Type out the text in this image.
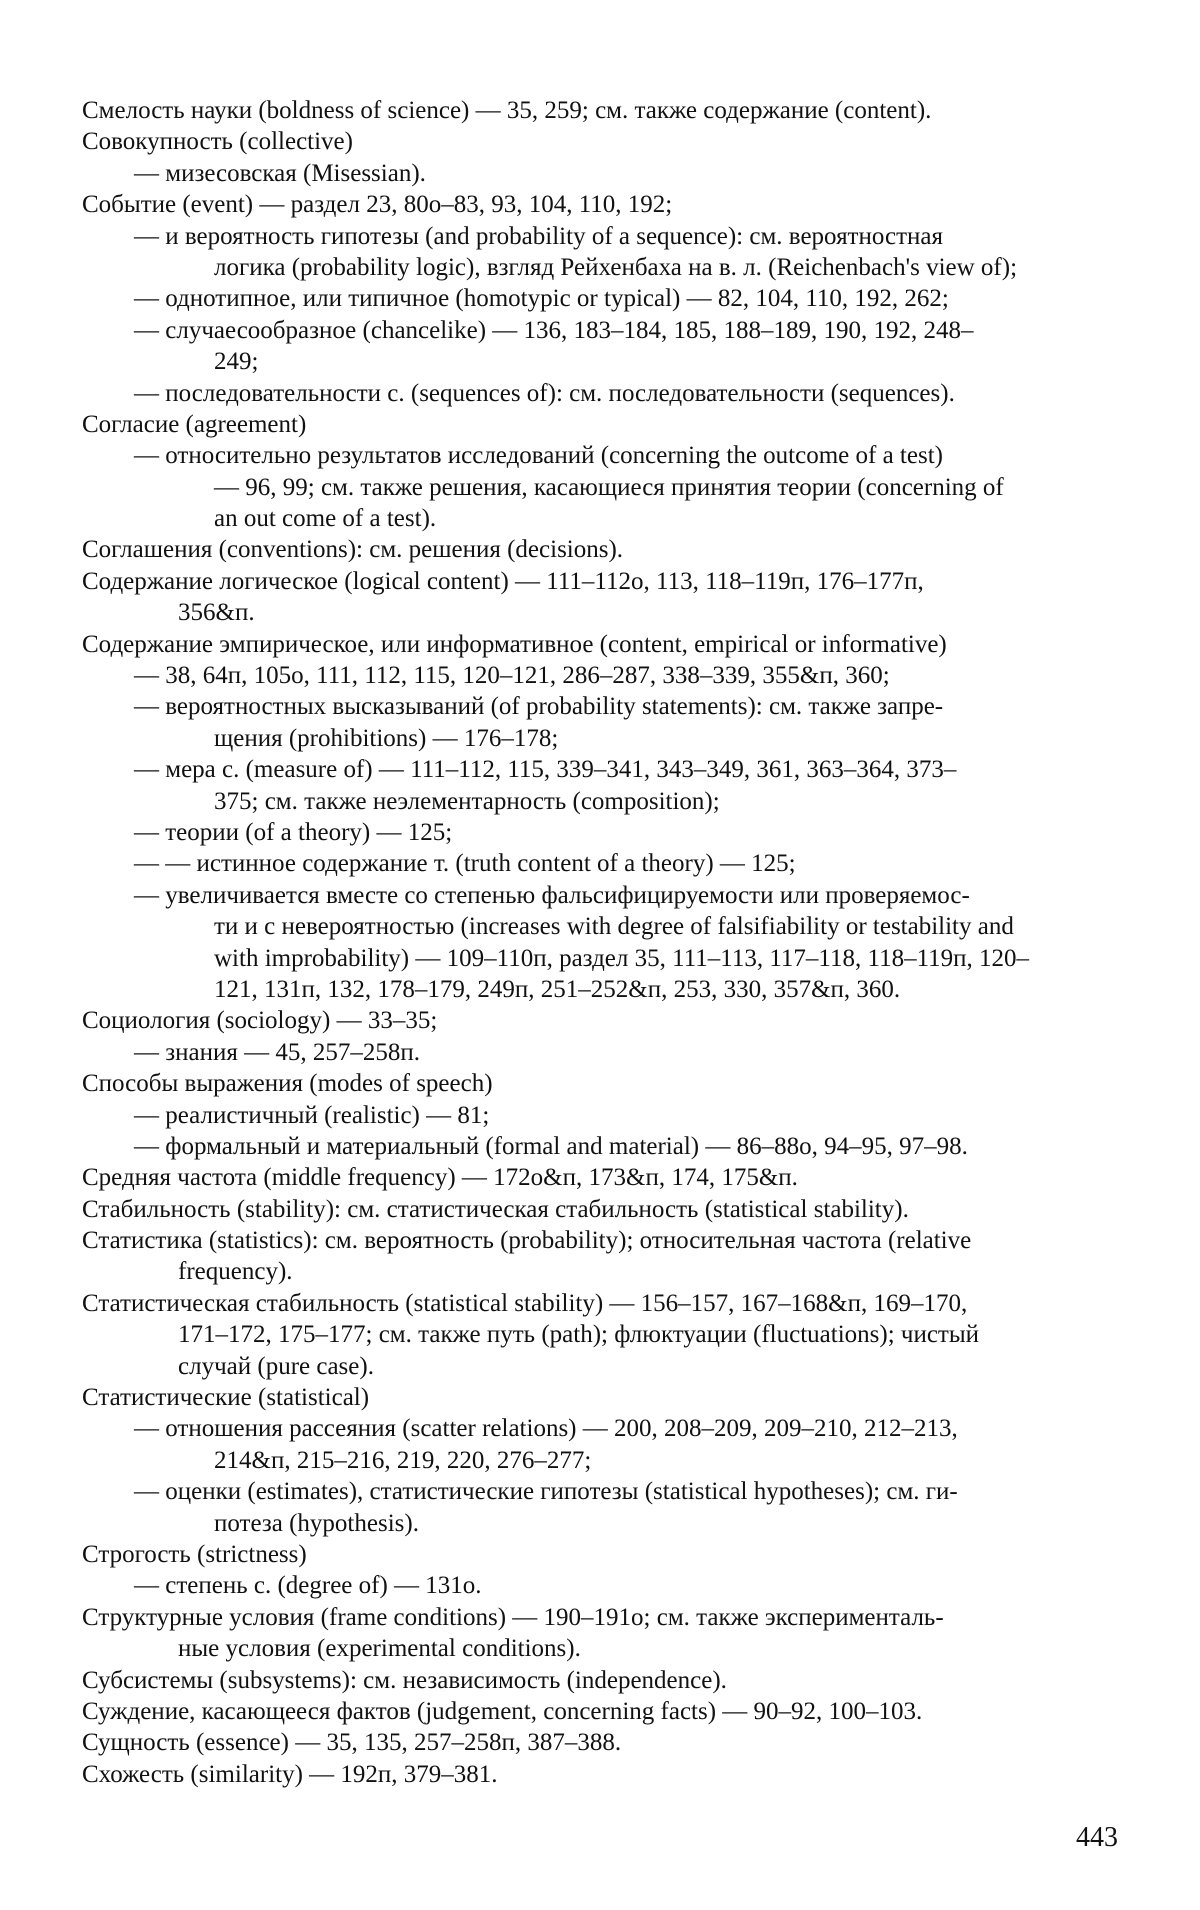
Смелость науки (boldness of science) — 35, 259; см. также содержание (content).
Совокупность (collective)
— мизесовская (Misessian).
Событие (event) — раздел 23, 80о–83, 93, 104, 110, 192;
— и вероятность гипотезы (and probability of a sequence): см. вероятностная
логика (probability logic), взгляд Рейхенбаха на в. л. (Reichenbach's view of);
— однотипное, или типичное (homotypic or typical) — 82, 104, 110, 192, 262;
— случаесообразное (chancelike) — 136, 183–184, 185, 188–189, 190, 192, 248–
249;
— последовательности с. (sequences of): см. последовательности (sequences).
Согласие (agreement)
— относительно результатов исследований (concerning the outcome of a test)
— 96, 99; см. также решения, касающиеся принятия теории (concerning of
an out come of a test).
Соглашения (conventions): см. решения (decisions).
Содержание логическое (logical content) — 111–112о, 113, 118–119п, 176–177п,
356&п.
Содержание эмпирическое, или информативное (content, empirical or informative)
— 38, 64п, 105о, 111, 112, 115, 120–121, 286–287, 338–339, 355&п, 360;
— вероятностных высказываний (of probability statements): см. также запре-
щения (prohibitions) — 176–178;
— мера с. (measure of) — 111–112, 115, 339–341, 343–349, 361, 363–364, 373–
375; см. также неэлементарность (composition);
— теории (of a theory) — 125;
— — истинное содержание т. (truth content of a theory) — 125;
— увеличивается вместе со степенью фальсифицируемости или проверяемос-
ти и с невероятностью (increases with degree of falsifiability or testability and
with improbability) — 109–110п, раздел 35, 111–113, 117–118, 118–119п, 120–
121, 131п, 132, 178–179, 249п, 251–252&п, 253, 330, 357&п, 360.
Социология (sociology) — 33–35;
— знания — 45, 257–258п.
Способы выражения (modes of speech)
— реалистичный (realistic) — 81;
— формальный и материальный (formal and material) — 86–88о, 94–95, 97–98.
Средняя частота (middle frequency) — 172о&п, 173&п, 174, 175&п.
Стабильность (stability): см. статистическая стабильность (statistical stability).
Статистика (statistics): см. вероятность (probability); относительная частота (relative
frequency).
Статистическая стабильность (statistical stability) — 156–157, 167–168&п, 169–170,
171–172, 175–177; см. также путь (path); флюктуации (fluctuations); чистый
случай (pure case).
Статистические (statistical)
— отношения рассеяния (scatter relations) — 200, 208–209, 209–210, 212–213,
214&п, 215–216, 219, 220, 276–277;
— оценки (estimates), статистические гипотезы (statistical hypotheses); см. ги-
потеза (hypothesis).
Строгость (strictness)
— степень с. (degree of) — 131о.
Структурные условия (frame conditions) — 190–191о; см. также эксперименталь-
ные условия (experimental conditions).
Субсистемы (subsystems): см. независимость (independence).
Суждение, касающееся фактов (judgement, concerning facts) — 90–92, 100–103.
Сущность (essence) — 35, 135, 257–258п, 387–388.
Схожесть (similarity) — 192п, 379–381.
443
